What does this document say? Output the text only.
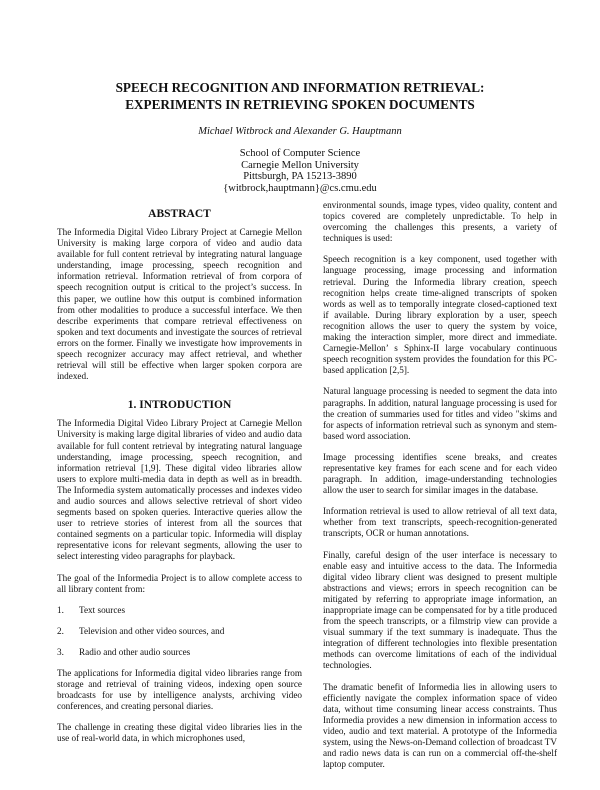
SPEECH RECOGNITION AND INFORMATION RETRIEVAL:
EXPERIMENTS IN RETRIEVING SPOKEN DOCUMENTS
Michael Witbrock and Alexander G. Hauptmann
School of Computer Science
Carnegie Mellon University
Pittsburgh, PA 15213-3890
{witbrock,hauptmann}@cs.cmu.edu
ABSTRACT

The Informedia Digital Video Library Project at Carnegie Mellon University is making large corpora of video and audio data available for full content retrieval by integrating natural language understanding, image processing, speech recognition and information retrieval. Information retrieval of from corpora of speech recognition output is critical to the project’s success. In this paper, we outline how this output is combined information from other modalities to produce a successful interface. We then describe experiments that compare retrieval effectiveness on spoken and text documents and investigate the sources of retrieval errors on the former. Finally we investigate how improvements in speech recognizer accuracy may affect retrieval, and whether retrieval will still be effective when larger spoken corpora are indexed.

1. INTRODUCTION

The Informedia Digital Video Library Project at Carnegie Mellon University is making large digital libraries of video and audio data available for full content retrieval by integrating natural language understanding, image processing, speech recognition, and information retrieval [1,9]. These digital video libraries allow users to explore multi-media data in depth as well as in breadth. The Informedia system automatically processes and indexes video and audio sources and allows selective retrieval of short video segments based on spoken queries. Interactive queries allow the user to retrieve stories of interest from all the sources that contained segments on a particular topic. Informedia will display representative icons for relevant segments, allowing the user to select interesting video paragraphs for playback.

The goal of the Informedia Project is to allow complete access to all library content from:

1. Text sources
2. Television and other video sources, and
3. Radio and other audio sources

The applications for Informedia digital video libraries range from storage and retrieval of training videos, indexing open source broadcasts for use by intelligence analysts, archiving video conferences, and creating personal diaries.

The challenge in creating these digital video libraries lies in the use of real-world data, in which microphones used,

environmental sounds, image types, video quality, content and topics covered are completely unpredictable. To help in overcoming the challenges this presents, a variety of techniques is used:

Speech recognition is a key component, used together with language processing, image processing and information retrieval. During the Informedia library creation, speech recognition helps create time-aligned transcripts of spoken words as well as to temporally integrate closed-captioned text if available. During library exploration by a user, speech recognition allows the user to query the system by voice, making the interaction simpler, more direct and immediate. Carnegie-Mellon’ s Sphinx-II large vocabulary continuous speech recognition system provides the foundation for this PC-based application [2,5].

Natural language processing is needed to segment the data into paragraphs. In addition, natural language processing is used for the creation of summaries used for titles and video "skims and for aspects of information retrieval such as synonym and stem-based word association.

Image processing identifies scene breaks, and creates representative key frames for each scene and for each video paragraph. In addition, image-understanding technologies allow the user to search for similar images in the database.

Information retrieval is used to allow retrieval of all text data, whether from text transcripts, speech-recognition-generated transcripts, OCR or human annotations.

Finally, careful design of the user interface is necessary to enable easy and intuitive access to the data. The Informedia digital video library client was designed to present multiple abstractions and views; errors in speech recognition can be mitigated by referring to appropriate image information, an inappropriate image can be compensated for by a title produced from the speech transcripts, or a filmstrip view can provide a visual summary if the text summary is inadequate. Thus the integration of different technologies into flexible presentation methods can overcome limitations of each of the individual technologies.

The dramatic benefit of Informedia lies in allowing users to efficiently navigate the complex information space of video data, without time consuming linear access constraints. Thus Informedia provides a new dimension in information access to video, audio and text material. A prototype of the Informedia system, using the News-on-Demand collection of broadcast TV and radio news data is can run on a commercial off-the-shelf laptop computer.
